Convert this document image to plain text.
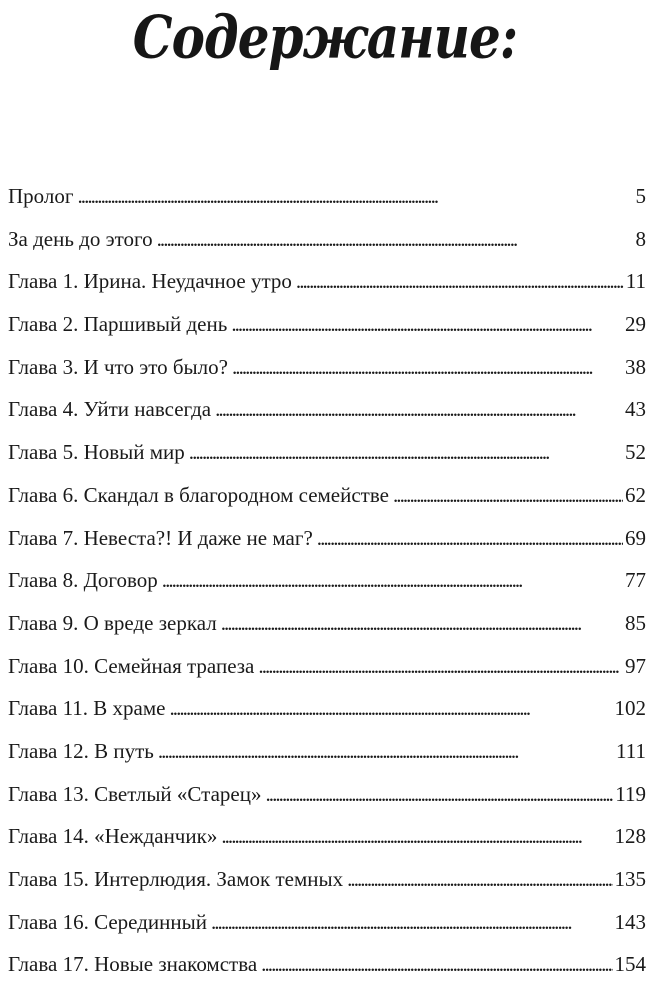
Содержание:
Пролог . . .	5
За день до этого . . .	8
Глава 1. Ирина. Неудачное утро . . .	11
Глава 2. Паршивый день . . .	29
Глава 3. И что это было? . . .	38
Глава 4. Уйти навсегда . . .	43
Глава 5. Новый мир . . .	52
Глава 6. Скандал в благородном семействе . . .	62
Глава 7. Невеста?! И даже не маг? . . .	69
Глава 8. Договор . . .	77
Глава 9. О вреде зеркал . . .	85
Глава 10. Семейная трапеза . . .	97
Глава 11. В храме . . .	102
Глава 12. В путь . . .	111
Глава 13. Светлый «Старец» . . .	119
Глава 14. «Нежданчик» . . .	128
Глава 15. Интерлюдия. Замок темных . . .	135
Глава 16. Серединный . . .	143
Глава 17. Новые знакомства . . .	154
